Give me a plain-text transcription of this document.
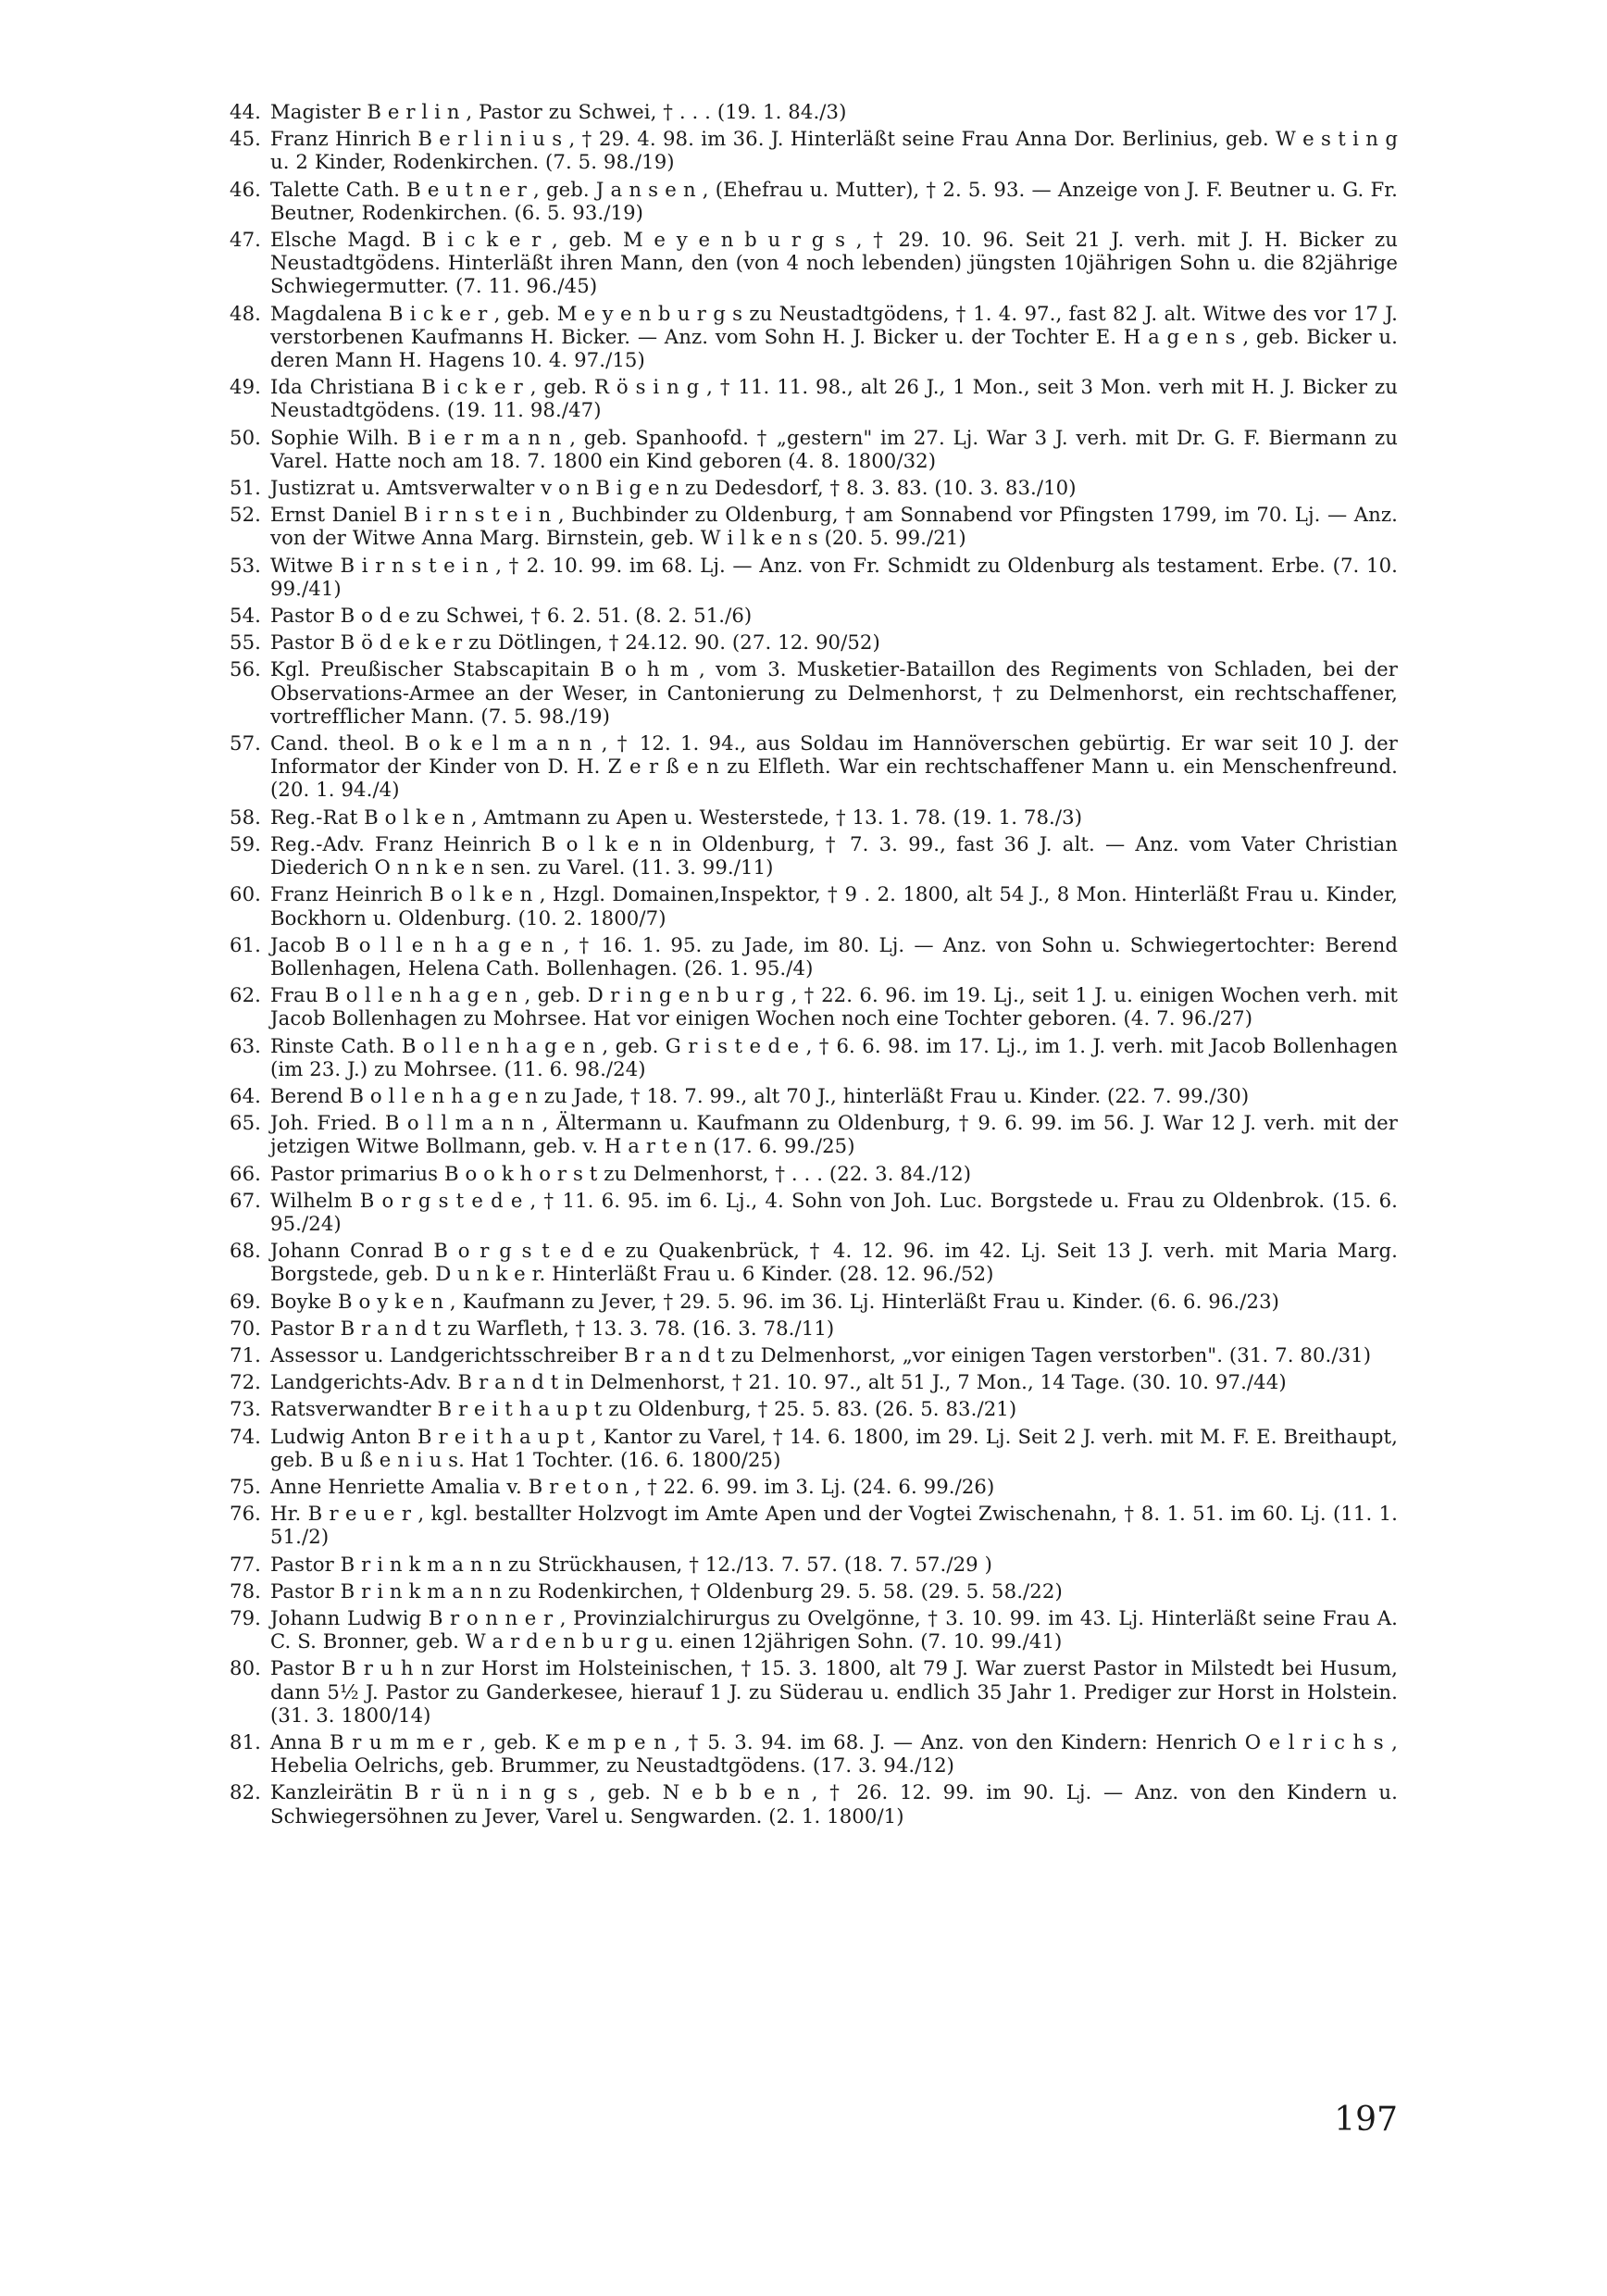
44. Magister B e r l i n , Pastor zu Schwei, † . . . (19. 1. 84./3)
45. Franz Hinrich B e r l i n i u s , † 29. 4. 98. im 36. J. Hinterläßt seine Frau Anna Dor. Berlinius, geb. W e s t i n g u. 2 Kinder, Rodenkirchen. (7. 5. 98./19)
46. Talette Cath. B e u t n e r , geb. J a n s e n , (Ehefrau u. Mutter), † 2. 5. 93. — Anzeige von J. F. Beutner u. G. Fr. Beutner, Rodenkirchen. (6. 5. 93./19)
47. Elsche Magd. B i c k e r , geb. M e y e n b u r g s , † 29. 10. 96. Seit 21 J. verh. mit J. H. Bicker zu Neustadtgödens. Hinterläßt ihren Mann, den (von 4 noch lebenden) jüngsten 10jährigen Sohn u. die 82jährige Schwiegermutter. (7. 11. 96./45)
48. Magdalena B i c k e r , geb. M e y e n b u r g s zu Neustadtgödens, † 1. 4. 97., fast 82 J. alt. Witwe des vor 17 J. verstorbenen Kaufmanns H. Bicker. — Anz. vom Sohn H. J. Bicker u. der Tochter E. H a g e n s , geb. Bicker u. deren Mann H. Hagens 10. 4. 97./15)
49. Ida Christiana B i c k e r , geb. R ö s i n g , † 11. 11. 98., alt 26 J., 1 Mon., seit 3 Mon. verh mit H. J. Bicker zu Neustadtgödens. (19. 11. 98./47)
50. Sophie Wilh. B i e r m a n n , geb. Spanhoofd. † „gestern" im 27. Lj. War 3 J. verh. mit Dr. G. F. Biermann zu Varel. Hatte noch am 18. 7. 1800 ein Kind geboren (4. 8. 1800/32)
51. Justizrat u. Amtsverwalter v o n B i g e n zu Dedesdorf, † 8. 3. 83. (10. 3. 83./10)
52. Ernst Daniel B i r n s t e i n , Buchbinder zu Oldenburg, † am Sonnabend vor Pfingsten 1799, im 70. Lj. — Anz. von der Witwe Anna Marg. Birnstein, geb. W i l k e n s (20. 5. 99./21)
53. Witwe B i r n s t e i n , † 2. 10. 99. im 68. Lj. — Anz. von Fr. Schmidt zu Oldenburg als testament. Erbe. (7. 10. 99./41)
54. Pastor B o d e zu Schwei, † 6. 2. 51. (8. 2. 51./6)
55. Pastor B ö d e k e r zu Dötlingen, † 24.12. 90. (27. 12. 90/52)
56. Kgl. Preußischer Stabscapitain B o h m , vom 3. Musketier-Bataillon des Regiments von Schladen, bei der Observations-Armee an der Weser, in Cantonierung zu Delmenhorst, † zu Delmenhorst, ein rechtschaffener, vortrefflicher Mann. (7. 5. 98./19)
57. Cand. theol. B o k e l m a n n , † 12. 1. 94., aus Soldau im Hannöverschen gebürtig. Er war seit 10 J. der Informator der Kinder von D. H. Z e r ß e n zu Elfleth. War ein rechtschaffener Mann u. ein Menschenfreund. (20. 1. 94./4)
58. Reg.-Rat B o l k e n , Amtmann zu Apen u. Westerstede, † 13. 1. 78. (19. 1. 78./3)
59. Reg.-Adv. Franz Heinrich B o l k e n in Oldenburg, † 7. 3. 99., fast 36 J. alt. — Anz. vom Vater Christian Diederich O n n k e n sen. zu Varel. (11. 3. 99./11)
60. Franz Heinrich B o l k e n , Hzgl. Domainen,Inspektor, † 9 . 2. 1800, alt 54 J., 8 Mon. Hinterläßt Frau u. Kinder, Bockhorn u. Oldenburg. (10. 2. 1800/7)
61. Jacob B o l l e n h a g e n , † 16. 1. 95. zu Jade, im 80. Lj. — Anz. von Sohn u. Schwiegertochter: Berend Bollenhagen, Helena Cath. Bollenhagen. (26. 1. 95./4)
62. Frau B o l l e n h a g e n , geb. D r i n g e n b u r g , † 22. 6. 96. im 19. Lj., seit 1 J. u. einigen Wochen verh. mit Jacob Bollenhagen zu Mohrsee. Hat vor einigen Wochen noch eine Tochter geboren. (4. 7. 96./27)
63. Rinste Cath. B o l l e n h a g e n , geb. G r i s t e d e , † 6. 6. 98. im 17. Lj., im 1. J. verh. mit Jacob Bollenhagen (im 23. J.) zu Mohrsee. (11. 6. 98./24)
64. Berend B o l l e n h a g e n zu Jade, † 18. 7. 99., alt 70 J., hinterläßt Frau u. Kinder. (22. 7. 99./30)
65. Joh. Fried. B o l l m a n n , Ältermann u. Kaufmann zu Oldenburg, † 9. 6. 99. im 56. J. War 12 J. verh. mit der jetzigen Witwe Bollmann, geb. v. H a r t e n (17. 6. 99./25)
66. Pastor primarius B o o k h o r s t zu Delmenhorst, † . . . (22. 3. 84./12)
67. Wilhelm B o r g s t e d e , † 11. 6. 95. im 6. Lj., 4. Sohn von Joh. Luc. Borgstede u. Frau zu Oldenbrok. (15. 6. 95./24)
68. Johann Conrad B o r g s t e d e zu Quakenbrück, † 4. 12. 96. im 42. Lj. Seit 13 J. verh. mit Maria Marg. Borgstede, geb. D u n k e r. Hinterläßt Frau u. 6 Kinder. (28. 12. 96./52)
69. Boyke B o y k e n , Kaufmann zu Jever, † 29. 5. 96. im 36. Lj. Hinterläßt Frau u. Kinder. (6. 6. 96./23)
70. Pastor B r a n d t zu Warfleth, † 13. 3. 78. (16. 3. 78./11)
71. Assessor u. Landgerichtsschreiber B r a n d t zu Delmenhorst, „vor einigen Tagen verstorben". (31. 7. 80./31)
72. Landgerichts-Adv. B r a n d t in Delmenhorst, † 21. 10. 97., alt 51 J., 7 Mon., 14 Tage. (30. 10. 97./44)
73. Ratsverwandter B r e i t h a u p t zu Oldenburg, † 25. 5. 83. (26. 5. 83./21)
74. Ludwig Anton B r e i t h a u p t , Kantor zu Varel, † 14. 6. 1800, im 29. Lj. Seit 2 J. verh. mit M. F. E. Breithaupt, geb. B u ß e n i u s. Hat 1 Tochter. (16. 6. 1800/25)
75. Anne Henriette Amalia v. B r e t o n , † 22. 6. 99. im 3. Lj. (24. 6. 99./26)
76. Hr. B r e u e r , kgl. bestallter Holzvogt im Amte Apen und der Vogtei Zwischenahn, † 8. 1. 51. im 60. Lj. (11. 1. 51./2)
77. Pastor B r i n k m a n n zu Strückhausen, † 12./13. 7. 57. (18. 7. 57./29 )
78. Pastor B r i n k m a n n zu Rodenkirchen, † Oldenburg 29. 5. 58. (29. 5. 58./22)
79. Johann Ludwig B r o n n e r , Provinzialchirurgus zu Ovelgönne, † 3. 10. 99. im 43. Lj. Hinterläßt seine Frau A. C. S. Bronner, geb. W a r d e n b u r g u. einen 12jährigen Sohn. (7. 10. 99./41)
80. Pastor B r u h n zur Horst im Holsteinischen, † 15. 3. 1800, alt 79 J. War zuerst Pastor in Milstedt bei Husum, dann 5½ J. Pastor zu Ganderkesee, hierauf 1 J. zu Süderau u. endlich 35 Jahr 1. Prediger zur Horst in Holstein. (31. 3. 1800/14)
81. Anna B r u m m e r , geb. K e m p e n , † 5. 3. 94. im 68. J. — Anz. von den Kindern: Henrich O e l r i c h s , Hebelia Oelrichs, geb. Brummer, zu Neustadtgödens. (17. 3. 94./12)
82. Kanzleirätin B r ü n i n g s , geb. N e b b e n , † 26. 12. 99. im 90. Lj. — Anz. von den Kindern u. Schwiegersöhnen zu Jever, Varel u. Sengwarden. (2. 1. 1800/1)
197
